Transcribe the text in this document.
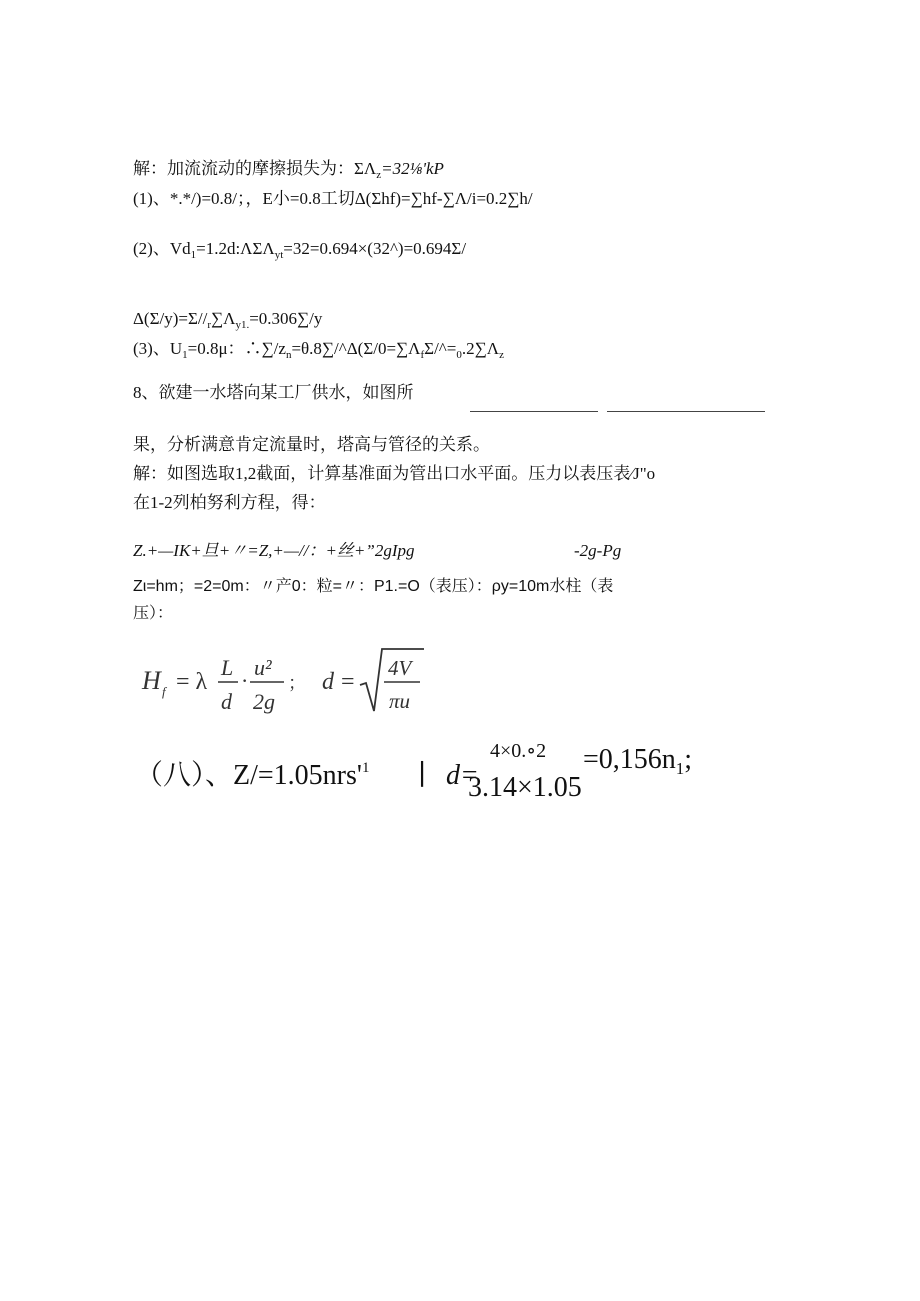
解：加流流动的摩擦损失为：$\Sigma\Lambda_z=32\frac{1}{8}'kP$
(1)、*.*/)=0.8/；，E小=0.8工切Δ(Σhf)=∑hf-∑Λ/i=0.2∑h/
(2)、$Vd_1=1.2d:\Lambda\Sigma\Lambda_{yt}=32=0.694\times(32\^{})=0.694\Sigma/$
$\Delta(\Sigma/y)=\Sigma//_r\sum\Lambda_{y1.}=0.306\sum/y$
(3)、$U_1=0.8\mu$：$\therefore\sum/z_n=\theta.8\sum/\^{}\Delta(\Sigma/0=\sum\Lambda_f\Sigma/\^{}=_0.2\sum\Lambda_z$
8、欲建一水塔向某工厂供水，如图所
果，分析满意肯定流量时，塔高与管径的关系。
解：如图选取1,2截面，计算基准面为管出口水平面。压力以表压表∕J"o
在1-2列柏努利方程，得：
Z.+—IK+旦+〃=Z,+—//：+丝+”2gIpg	-2g-Pg
Zι=hm；=2=0m：〃产0：粒=〃：P1.=O（表压）：ρy=10m水柱（表
压）：
H f = λ
L
d
·
u²
2g
； d =
4V
πu
（八）、$Z/=1.05nrs'^1$ ∣ d=
4×0.∘2
3.14×1.05
$=0,156n_1$;
